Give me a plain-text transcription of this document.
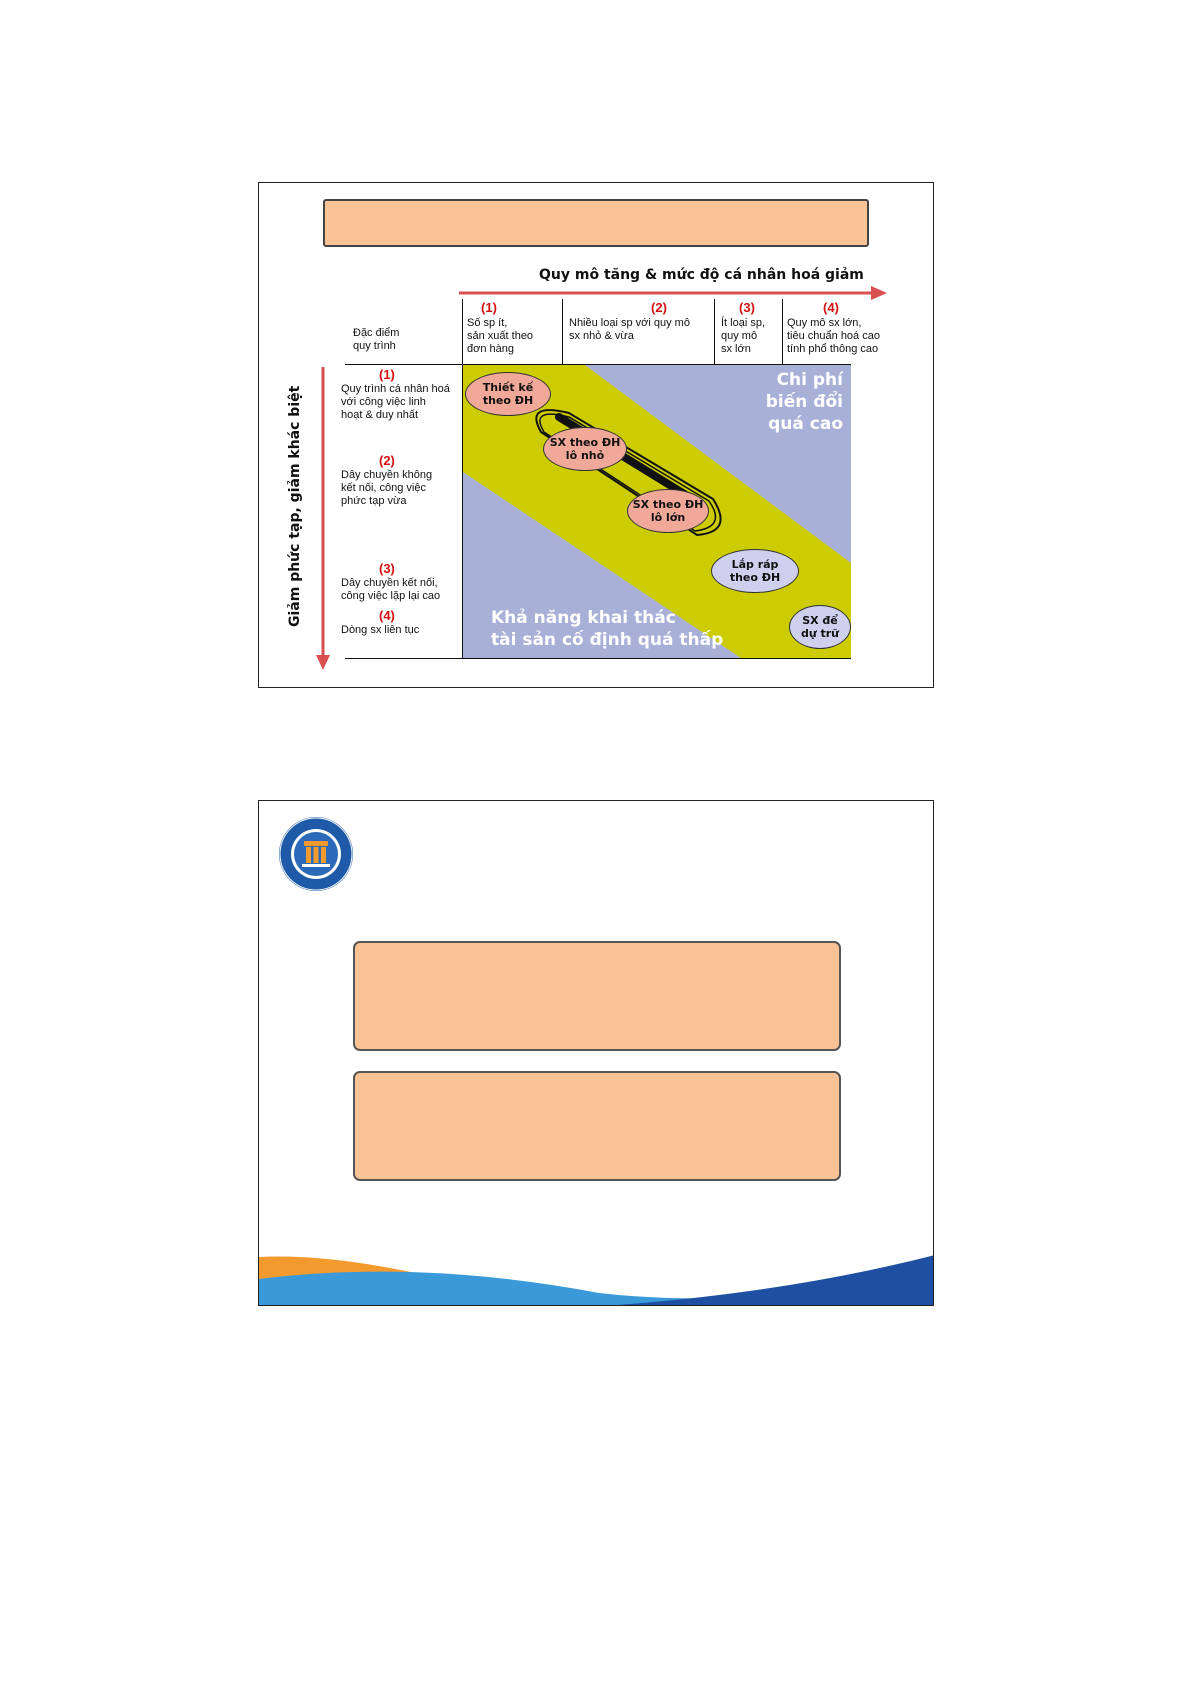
Quy mô tăng & mức độ cá nhân hoá giảm
Giảm phức tạp, giảm khác biệt
Đặc điểm
quy trình
(1)
Số sp ít,
sản xuất theo
đơn hàng
(2)
Nhiều loại sp với quy mô
sx nhỏ & vừa
(3)
Ít loại sp,
quy mô
sx lớn
(4)
Quy mô sx lớn,
tiêu chuẩn hoá cao
tính phổ thông cao
(1)
Quy trình cá nhân hoá
với công việc linh
hoạt & duy nhất
(2)
Dây chuyền không
kết nối, công việc
phức tạp vừa
(3)
Dây chuyền kết nối,
công việc lặp lại cao
(4)
Dòng sx liên tục
Chi phí biến đổi
quá cao
Khả năng khai thác
tài sản cố định quá thấp
Thiết kế
theo ĐH
SX theo ĐH
lô nhỏ
SX theo ĐH
lô lớn
Lắp ráp
theo ĐH
SX để
dự trữ
